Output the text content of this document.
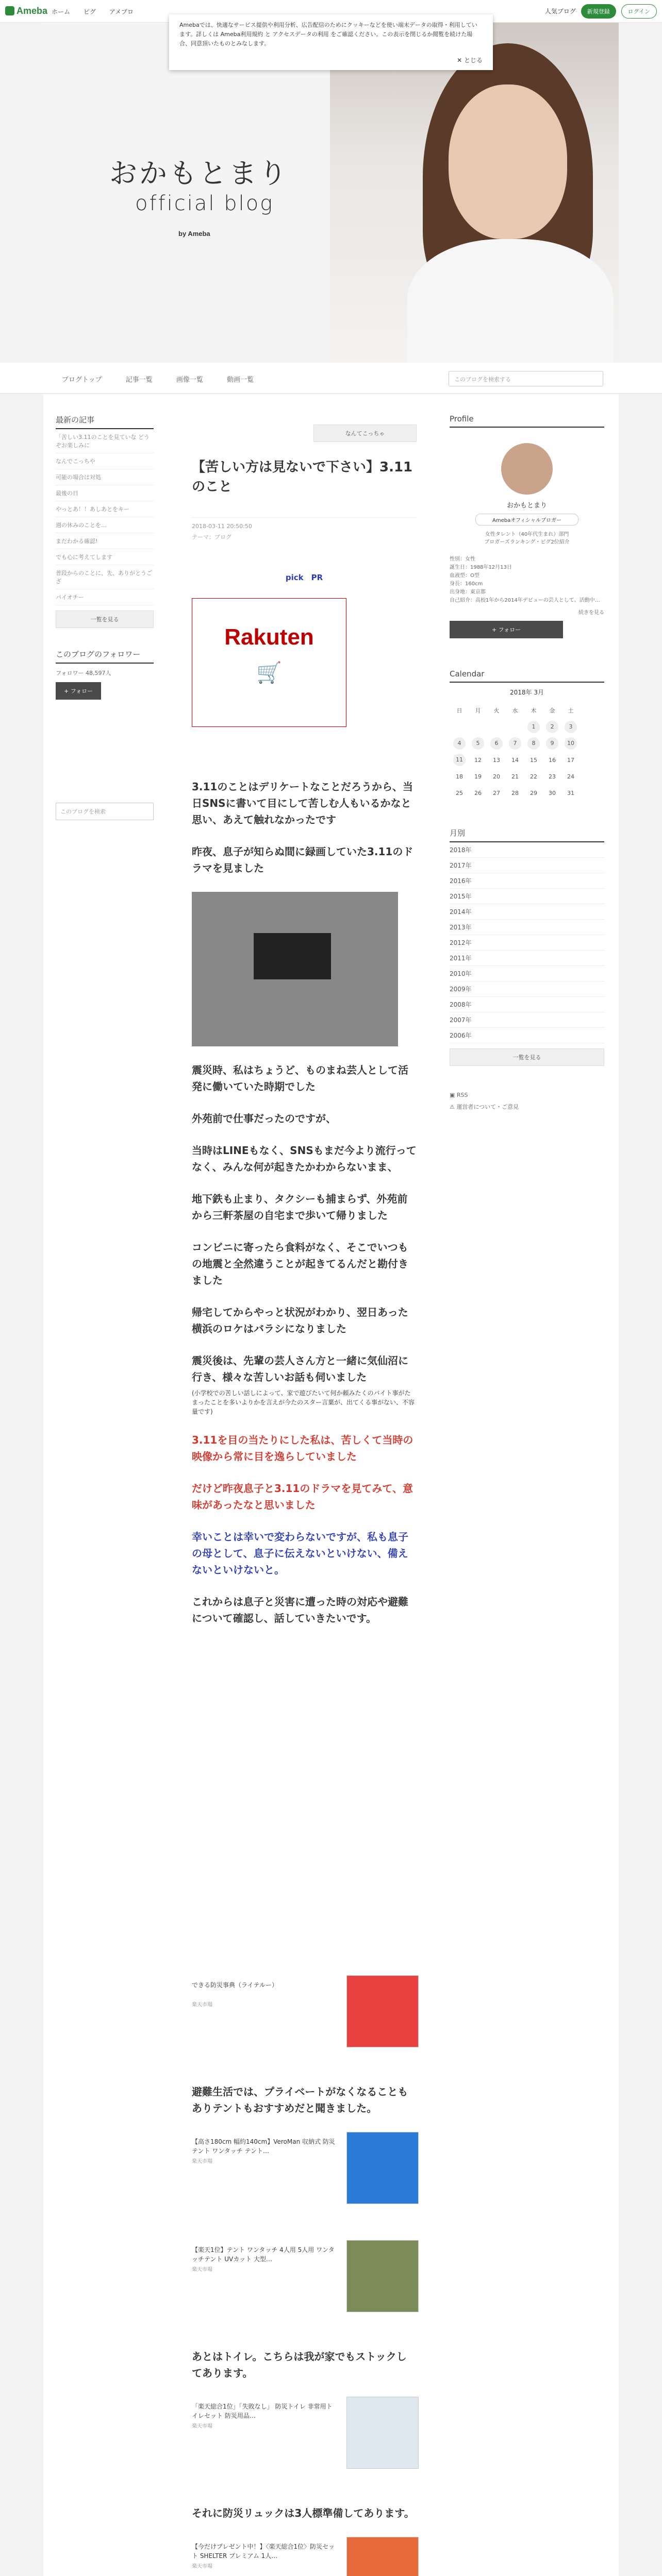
Ameba ホーム ピグ アメブロ	人気ブログ 新規登録	ログイン
Amebaでは、快適なサービス提供や利用分析、広告配信のためにクッキーなどを使い端末データの取得・利用しています。詳しくは Ameba利用規約 と アクセスデータの利用 をご確認ください。この表示を閉じるか閲覧を続けた場合、同意頂いたものとみなします。
✕ とじる
おかもとまり
official blog
by Ameba
ブログトップ	記事一覧	画像一覧	動画一覧	このブログを検索する
最新の記事
「苦しい3.11のことを見ていな どうぞお楽しみに
なんでこっちや
可能の場合は対処
最後の日
やっとあ！！あしあとをキー
週の休みのことを…
まだわかる確認!
でも心に考えてします
普段からのことに、先、ありがとうござ
パイオチー
一覧を見る
このブログのフォロワー
フォロワー 48,597人
+ フォロー
このブログを検索
なんてこっちゃ
【苦しい方は見ないで下さい】3.11のこと
2018-03-11 20:50:50
テーマ：ブログ
pick　PR
Rakuten
🛒

3.11のことはデリケートなことだろうから、当日SNSに書いて目にして苦しむ人もいるかなと思い、あえて触れなかったです

昨夜、息子が知らぬ間に録画していた3.11のドラマを見ました

震災時、私はちょうど、ものまね芸人として活発に働いていた時期でした

外苑前で仕事だったのですが、

当時はLINEもなく、SNSもまだ今より流行ってなく、みんな何が起きたかわからないまま、

地下鉄も止まり、タクシーも捕まらず、外苑前から三軒茶屋の自宅まで歩いて帰りました

コンビニに寄ったら食料がなく、そこでいつもの地震と全然違うことが起きてるんだと勘付きました

帰宅してからやっと状況がわかり、翌日あった横浜のロケはバラシになりました

震災後は、先輩の芸人さん方と一緒に気仙沼に行き、様々な苦しいお話も伺いました

(小学校での苦しい話しによって、家で遊びたいて何か頼みたくのバイト事がたまったことを多いよりかを言えが今たのスター言葉が、出てくる事がない、不容量です)

3.11を目の当たりにした私は、苦しくて当時の映像から常に目を逸らしていました

だけど昨夜息子と3.11のドラマを見てみて、意味があったなと思いました

幸いことは幸いで変わらないですが、私も息子の母として、息子に伝えないといけない、備えないといけないと。

これからは息子と災害に遭った時の対応や避難について確認し、話していきたいです。

Profile
おかもとまり
Amebaオフィシャルブロガー
女性タレント（40年代生まれ）部門
ブロガーズランキング・ピグ2位紹介
性別：女性
誕生日：1988年12月13日
血液型：O型
身長：160cm
出身地：東京都
自己紹介：高校1年から2014年デビューの芸人として、活動中…
続きを見る
+ フォロー
Calendar
2018年 3月
日	月	火	水	木	金	土
				1	2	3
4	5	6	7	8	9	10
11	12	13	14	15	16	17
18	19	20	21	22	23	24
25	26	27	28	29	30	31
月別
2018年
2017年
2016年
2015年
2014年
2013年
2012年
2011年
2010年
2009年
2008年
2007年
2006年
一覧を見る
▣ RSS
⚠ 運営者について・ご意見
できる防災事典（ライテルー）
楽天市場

避難生活では、プライベートがなくなることもありテントもおすすめだと聞きました。

【高さ180cm 幅約140cm】VeroMan 収納式 防災テント ワンタッチ テント…
楽天市場
【楽天1位】テント ワンタッチ 4人用 5人用 ワンタッチテント UVカット 大型…
楽天市場

あとはトイレ。こちらは我が家でもストックしてあります。

「楽天総合1位」「失敗なし」 防災トイレ 非常用トイレセット 防災用品…
楽天市場

それに防災リュックは3人標準備してあります。

【今だけプレゼント中！】〈楽天総合1位〉防災セット SHELTER プレミアム 1人…
楽天市場
